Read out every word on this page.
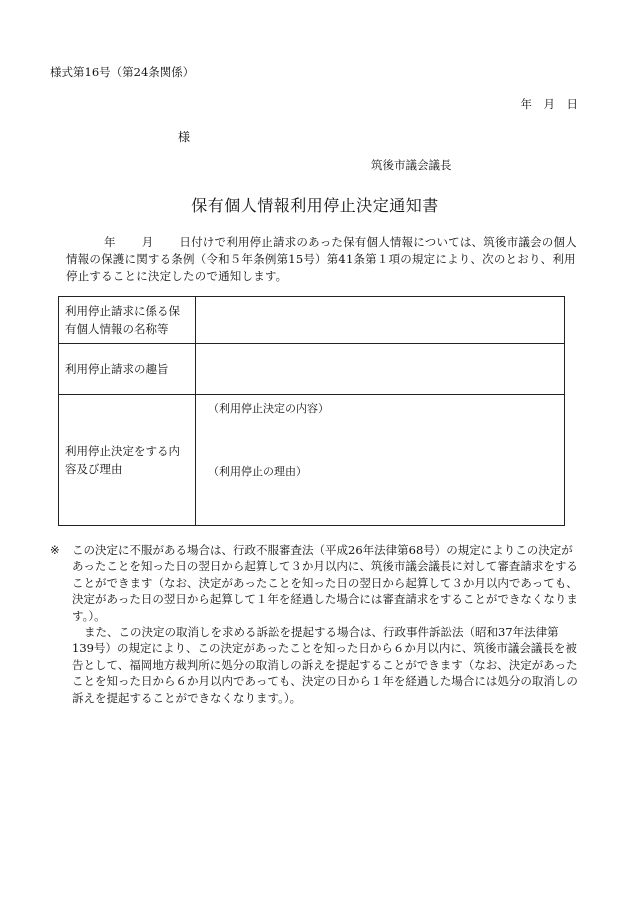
様式第16号（第24条関係）
年　月　日
様
筑後市議会議長
保有個人情報利用停止決定通知書
年 月 日付けで利用停止請求のあった保有個人情報については、筑後市議会の個人情報の保護に関する条例（令和５年条例第15号）第41条第１項の規定により、次のとおり、利用停止することに決定したので通知します。
利用停止請求に係る保有個人情報の名称等	
利用停止請求の趣旨	
利用停止決定をする内容及び理由	（利用停止決定の内容）
（利用停止の理由）
※ この決定に不服がある場合は、行政不服審査法（平成26年法律第68号）の規定によりこの決定があったことを知った日の翌日から起算して３か月以内に、筑後市議会議長に対して審査請求をすることができます（なお、決定があったことを知った日の翌日から起算して３か月以内であっても、決定があった日の翌日から起算して１年を経過した場合には審査請求をすることができなくなります。）。
また、この決定の取消しを求める訴訟を提起する場合は、行政事件訴訟法（昭和37年法律第139号）の規定により、この決定があったことを知った日から６か月以内に、筑後市議会議長を被告として、福岡地方裁判所に処分の取消しの訴えを提起することができます（なお、決定があったことを知った日から６か月以内であっても、決定の日から１年を経過した場合には処分の取消しの訴えを提起することができなくなります。）。
